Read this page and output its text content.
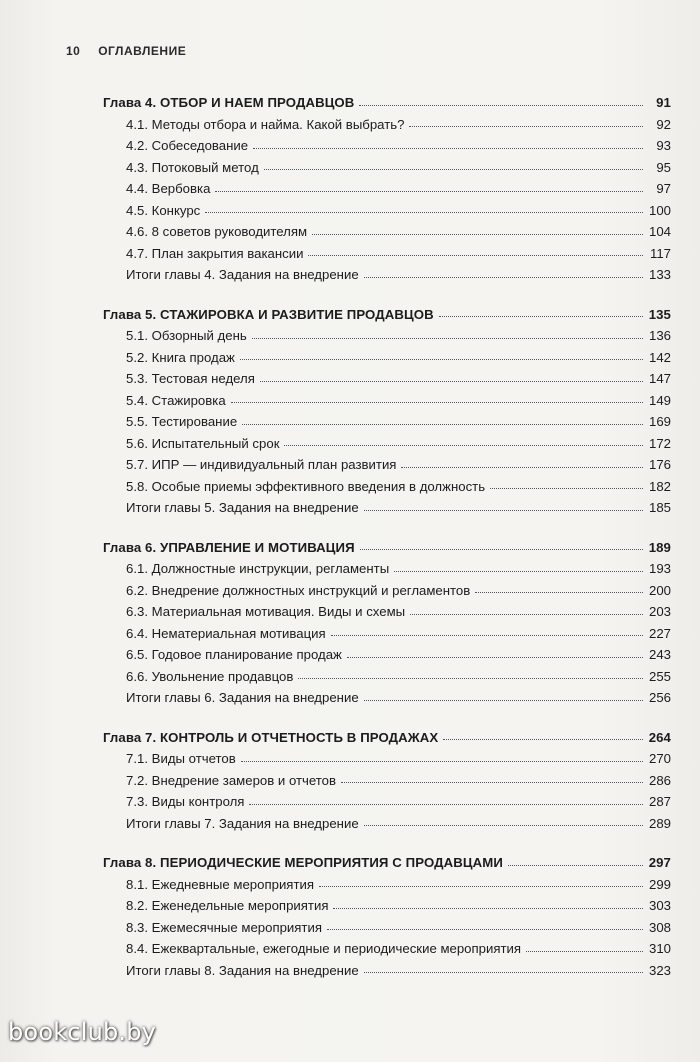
10 ОГЛАВЛЕНИЕ
Глава 4. ОТБОР И НАЕМ ПРОДАВЦОВ	91
4.1. Методы отбора и найма. Какой выбрать?	92
4.2. Собеседование	93
4.3. Потоковый метод	95
4.4. Вербовка	97
4.5. Конкурс	100
4.6. 8 советов руководителям	104
4.7. План закрытия вакансии	117
Итоги главы 4. Задания на внедрение	133
Глава 5. СТАЖИРОВКА И РАЗВИТИЕ ПРОДАВЦОВ	135
5.1. Обзорный день	136
5.2. Книга продаж	142
5.3. Тестовая неделя	147
5.4. Стажировка	149
5.5. Тестирование	169
5.6. Испытательный срок	172
5.7. ИПР — индивидуальный план развития	176
5.8. Особые приемы эффективного введения в должность	182
Итоги главы 5. Задания на внедрение	185
Глава 6. УПРАВЛЕНИЕ И МОТИВАЦИЯ	189
6.1. Должностные инструкции, регламенты	193
6.2. Внедрение должностных инструкций и регламентов	200
6.3. Материальная мотивация. Виды и схемы	203
6.4. Нематериальная мотивация	227
6.5. Годовое планирование продаж	243
6.6. Увольнение продавцов	255
Итоги главы 6. Задания на внедрение	256
Глава 7. КОНТРОЛЬ И ОТЧЕТНОСТЬ В ПРОДАЖАХ	264
7.1. Виды отчетов	270
7.2. Внедрение замеров и отчетов	286
7.3. Виды контроля	287
Итоги главы 7. Задания на внедрение	289
Глава 8. ПЕРИОДИЧЕСКИЕ МЕРОПРИЯТИЯ С ПРОДАВЦАМИ	297
8.1. Ежедневные мероприятия	299
8.2. Еженедельные мероприятия	303
8.3. Ежемесячные мероприятия	308
8.4. Ежеквартальные, ежегодные и периодические мероприятия	310
Итоги главы 8. Задания на внедрение	323
bookclub.by
